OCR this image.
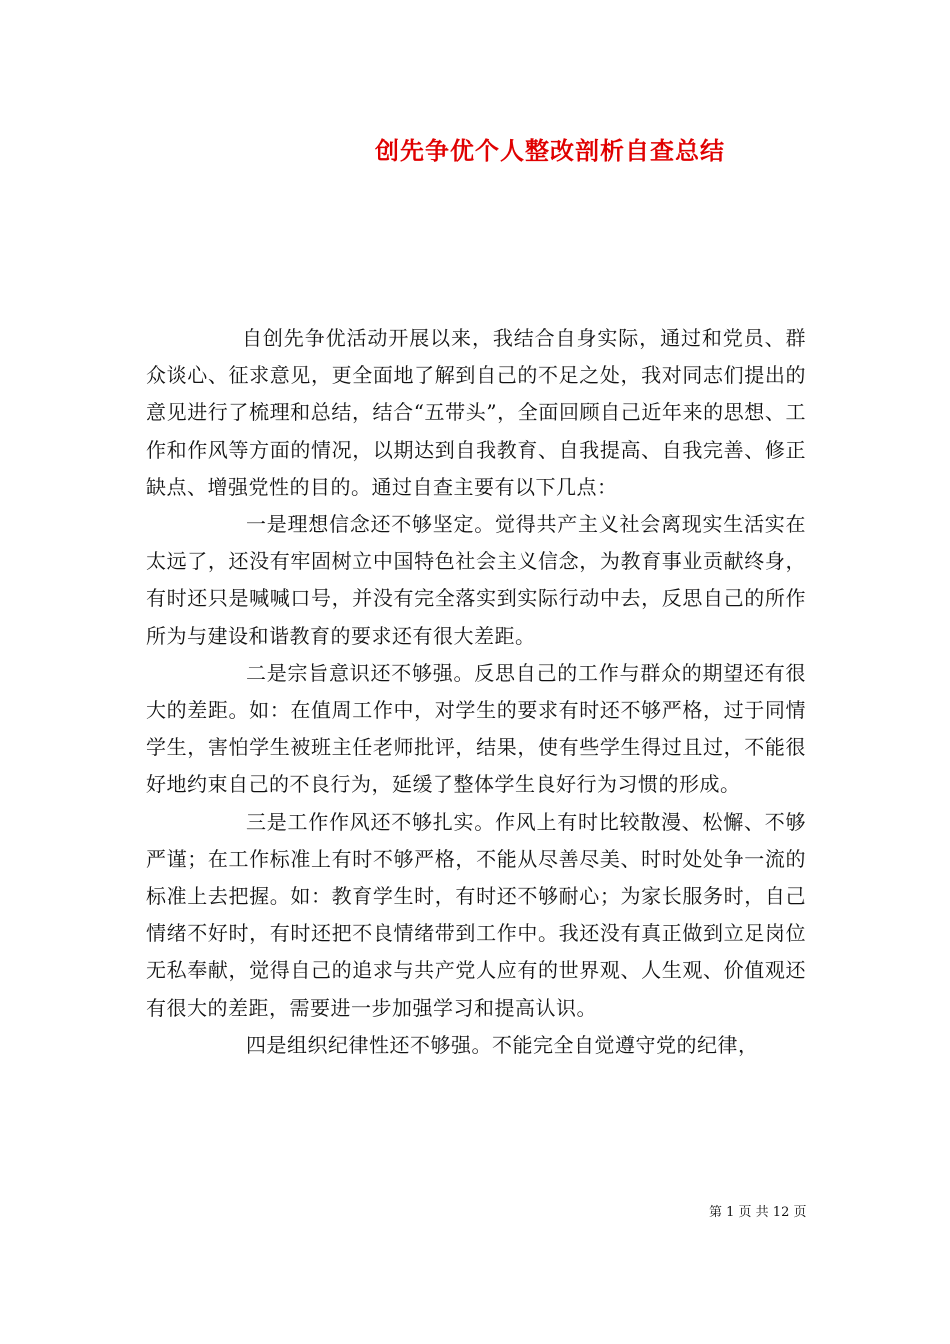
创先争优个人整改剖析自查总结

自创先争优活动开展以来，我结合自身实际，通过和党员、群众谈心、征求意见，更全面地了解到自己的不足之处，我对同志们提出的意见进行了梳理和总结，结合“五带头”，全面回顾自己近年来的思想、工作和作风等方面的情况，以期达到自我教育、自我提高、自我完善、修正缺点、增强党性的目的。通过自查主要有以下几点：

一是理想信念还不够坚定。觉得共产主义社会离现实生活实在太远了，还没有牢固树立中国特色社会主义信念，为教育事业贡献终身，有时还只是喊喊口号，并没有完全落实到实际行动中去，反思自己的所作所为与建设和谐教育的要求还有很大差距。

二是宗旨意识还不够强。反思自己的工作与群众的期望还有很大的差距。如：在值周工作中，对学生的要求有时还不够严格，过于同情学生，害怕学生被班主任老师批评，结果，使有些学生得过且过，不能很好地约束自己的不良行为，延缓了整体学生良好行为习惯的形成。

三是工作作风还不够扎实。作风上有时比较散漫、松懈、不够严谨；在工作标准上有时不够严格，不能从尽善尽美、时时处处争一流的标准上去把握。如：教育学生时，有时还不够耐心；为家长服务时，自己情绪不好时，有时还把不良情绪带到工作中。我还没有真正做到立足岗位无私奉献，觉得自己的追求与共产党人应有的世界观、人生观、价值观还有很大的差距，需要进一步加强学习和提高认识。

四是组织纪律性还不够强。不能完全自觉遵守党的纪律，

第 1 页 共 12 页
